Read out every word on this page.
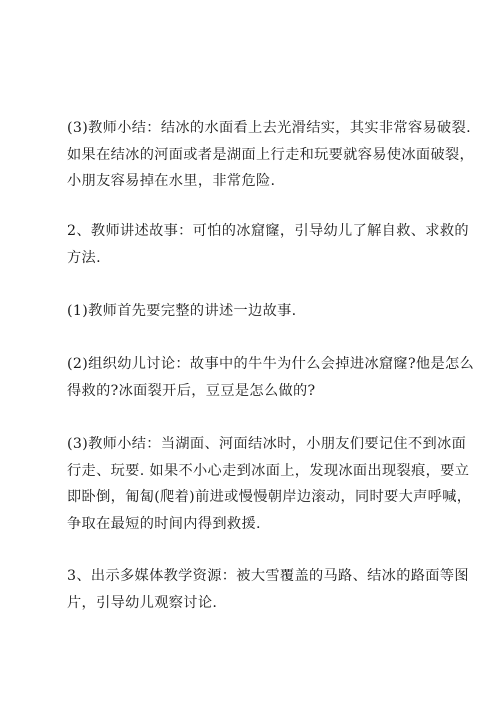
(3)教师小结：结冰的水面看上去光滑结实，其实非常容易破裂.
如果在结冰的河面或者是湖面上行走和玩要就容易使冰面破裂，
小朋友容易掉在水里，非常危险.

2、教师讲述故事：可怕的冰窟窿，引导幼儿了解自救、求救的
方法.

(1)教师首先要完整的讲述一边故事.

(2)组织幼儿讨论：故事中的牛牛为什么会掉进冰窟窿?他是怎么
得救的?冰面裂开后，豆豆是怎么做的?

(3)教师小结：当湖面、河面结冰时，小朋友们要记住不到冰面
行走、玩要. 如果不小心走到冰面上，发现冰面出现裂痕，要立
即卧倒，匍匐(爬着)前进或慢慢朝岸边滚动，同时要大声呼喊，
争取在最短的时间内得到救援.

3、出示多媒体教学资源：被大雪覆盖的马路、结冰的路面等图
片，引导幼儿观察讨论.
